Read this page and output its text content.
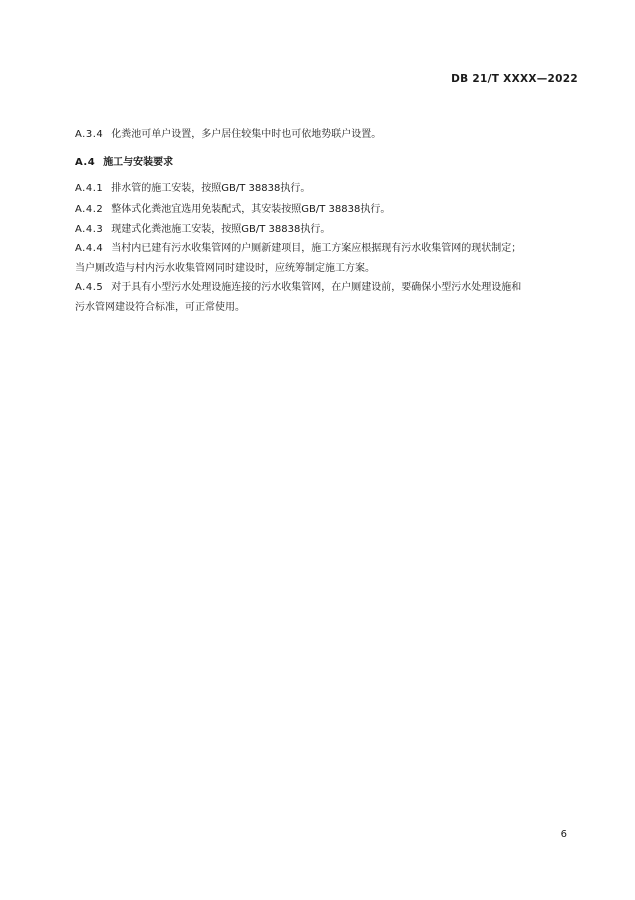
DB 21/T XXXX—2022
A.3.4 化粪池可单户设置，多户居住较集中时也可依地势联户设置。
A.4 施工与安装要求
A.4.1 排水管的施工安装，按照GB/T 38838执行。
A.4.2 整体式化粪池宜选用免装配式，其安装按照GB/T 38838执行。
A.4.3 现建式化粪池施工安装，按照GB/T 38838执行。
A.4.4 当村内已建有污水收集管网的户厕新建项目，施工方案应根据现有污水收集管网的现状制定；
当户厕改造与村内污水收集管网同时建设时，应统筹制定施工方案。
A.4.5 对于具有小型污水处理设施连接的污水收集管网，在户厕建设前，要确保小型污水处理设施和
污水管网建设符合标准，可正常使用。
6
